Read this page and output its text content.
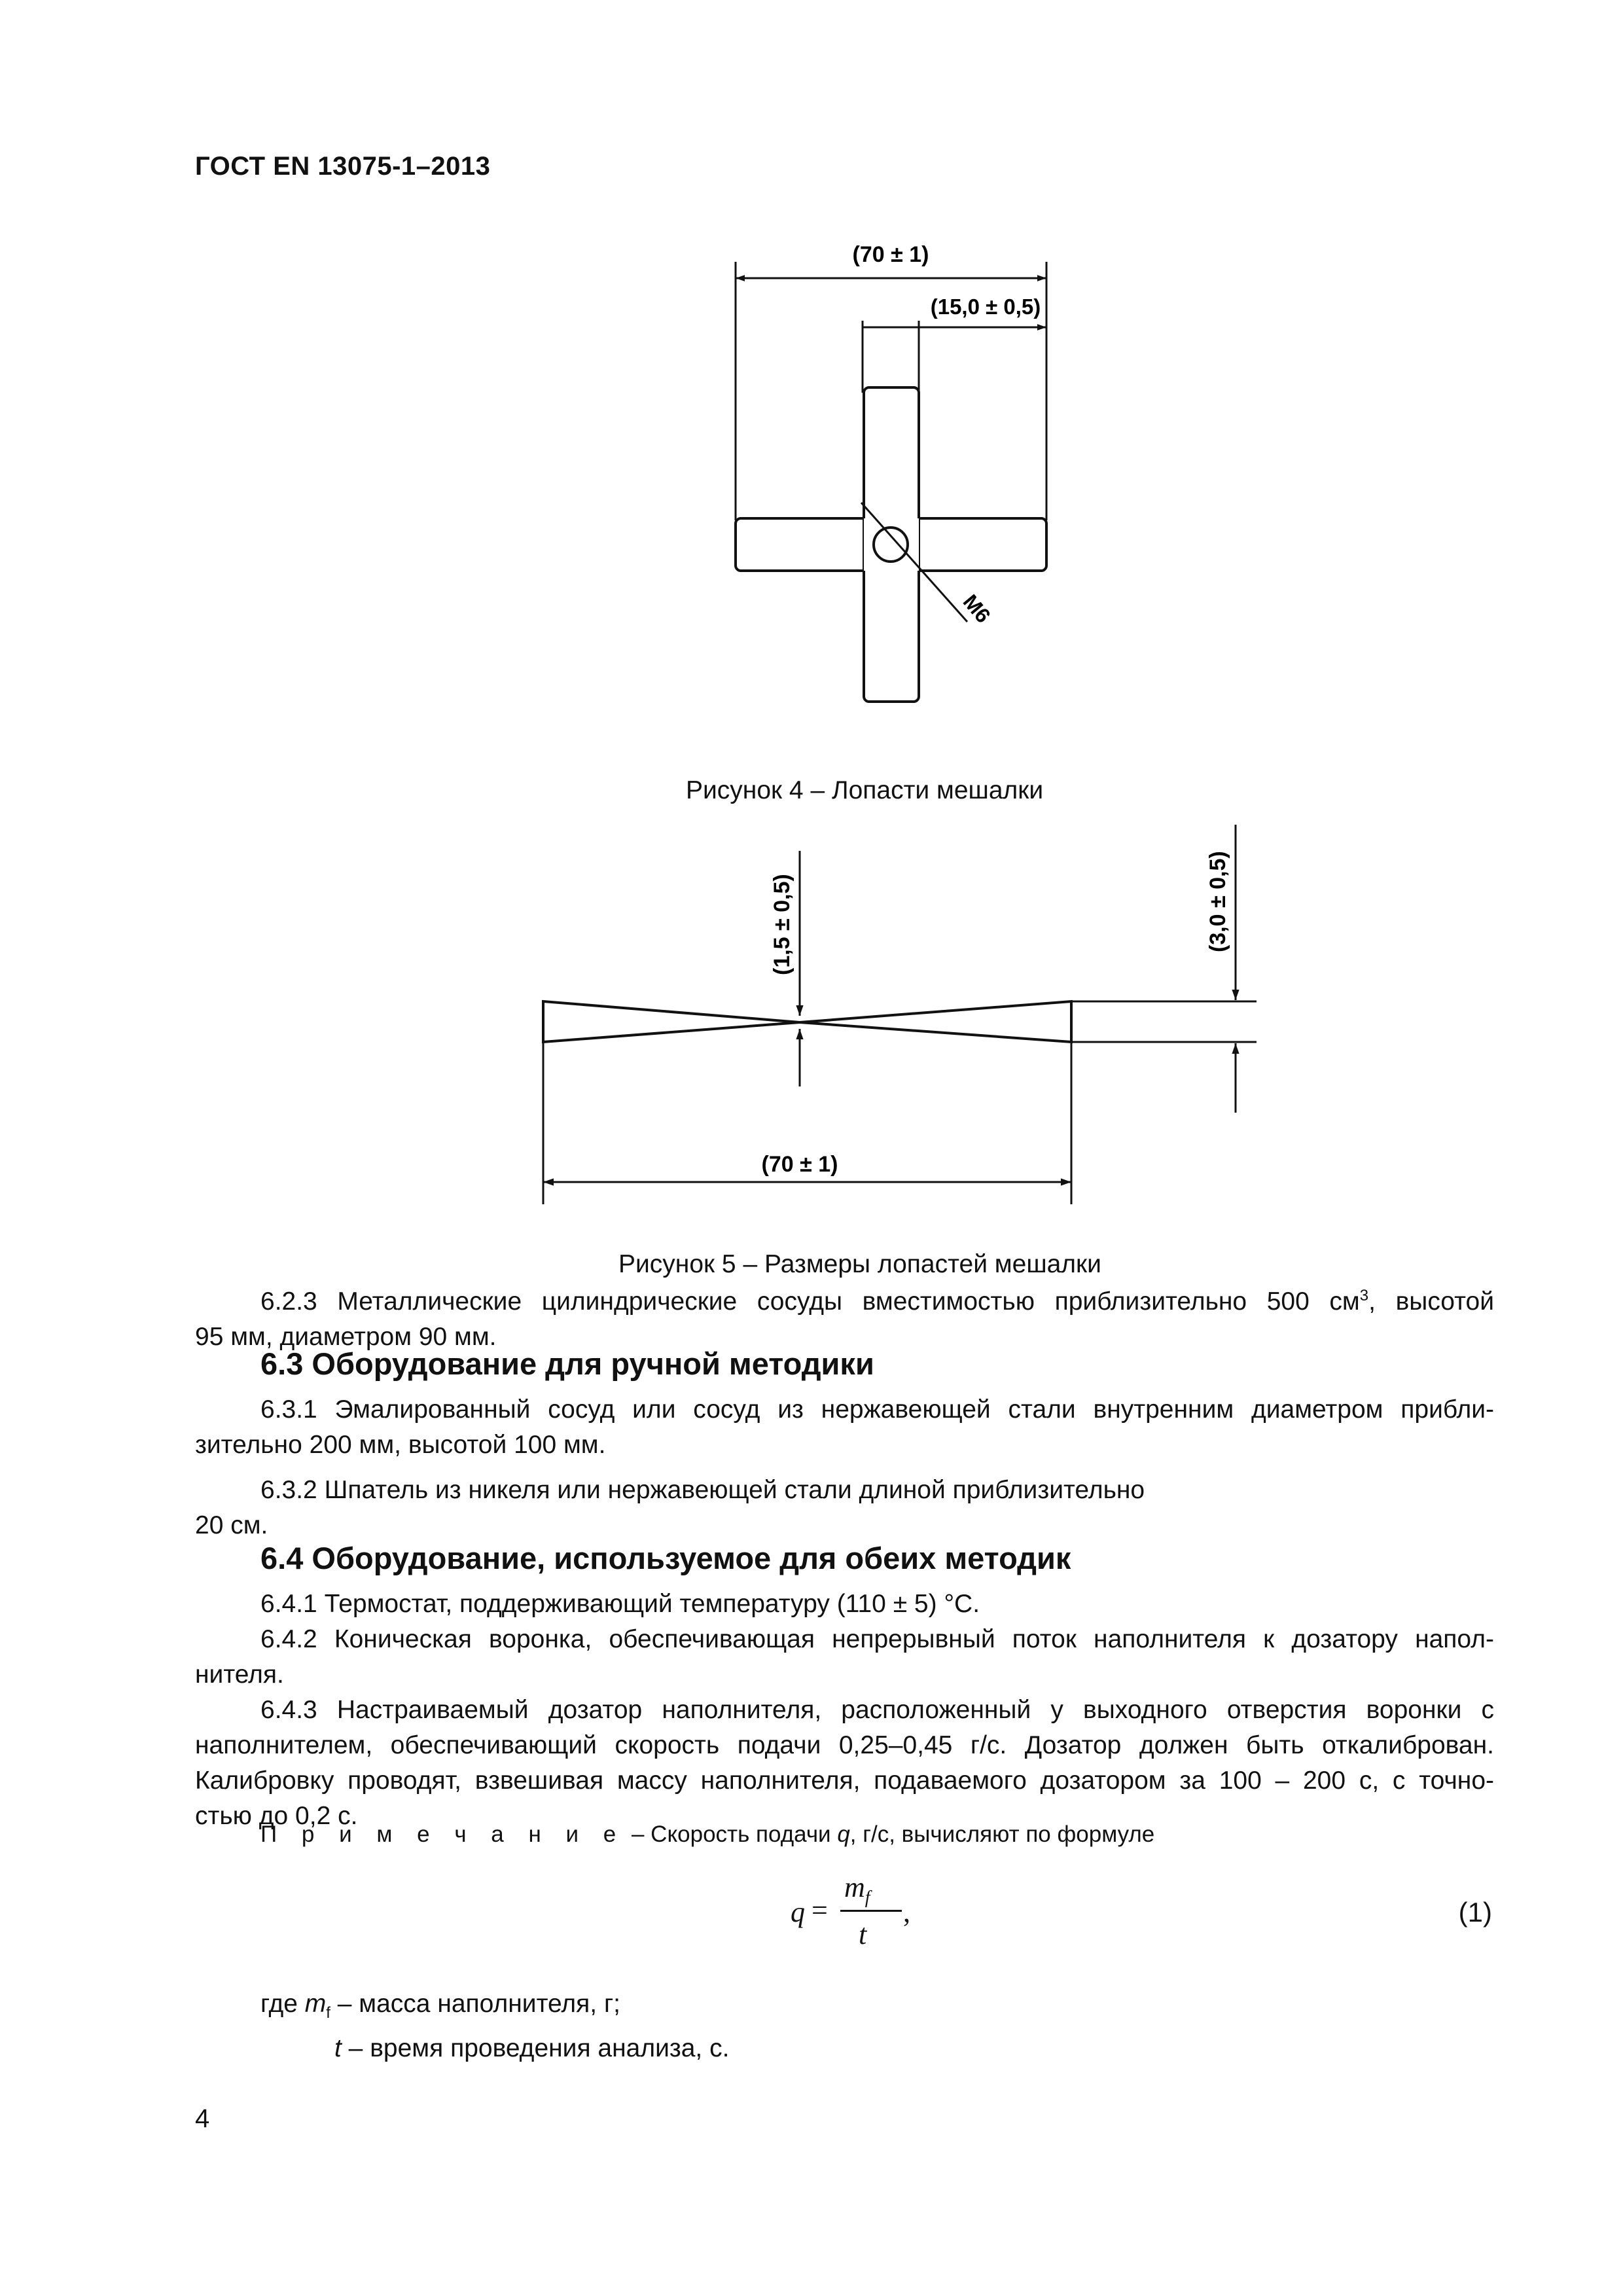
ГОСТ EN 13075-1–2013
(70 ± 1)
(15,0 ± 0,5)
M6
Рисунок 4 – Лопасти мешалки
(70 ± 1)
(1,5 ± 0,5)	(3,0 ± 0,5)
Рисунок 5 – Размеры лопастей мешалки
6.2.3 Металлические цилиндрические сосуды вместимостью приблизительно 500 $см^3$, высотой
95 мм, диаметром 90 мм.
6.3 Оборудование для ручной методики
6.3.1 Эмалированный сосуд или сосуд из нержавеющей стали внутренним диаметром прибли-
зительно 200 мм, высотой 100 мм.
6.3.2 Шпатель из никеля или нержавеющей стали длиной приблизительно
20 см.
6.4 Оборудование, используемое для обеих методик
6.4.1 Термостат, поддерживающий температуру (110 ± 5) °С.
6.4.2 Коническая воронка, обеспечивающая непрерывный поток наполнителя к дозатору напол-
нителя.
6.4.3 Настраиваемый дозатор наполнителя, расположенный у выходного отверстия воронки с
наполнителем, обеспечивающий скорость подачи 0,25–0,45 г/с. Дозатор должен быть откалиброван.
Калибровку проводят, взвешивая массу наполнителя, подаваемого дозатором за 100 – 200 с, с точно-
стью до 0,2 с.
П р и м е ч а н и е – Скорость подачи q, г/с, вычисляют по формуле
q =
$m_f$
t
,	(1)
где $m_f$ – масса наполнителя, г;
t – время проведения анализа, с.
4
